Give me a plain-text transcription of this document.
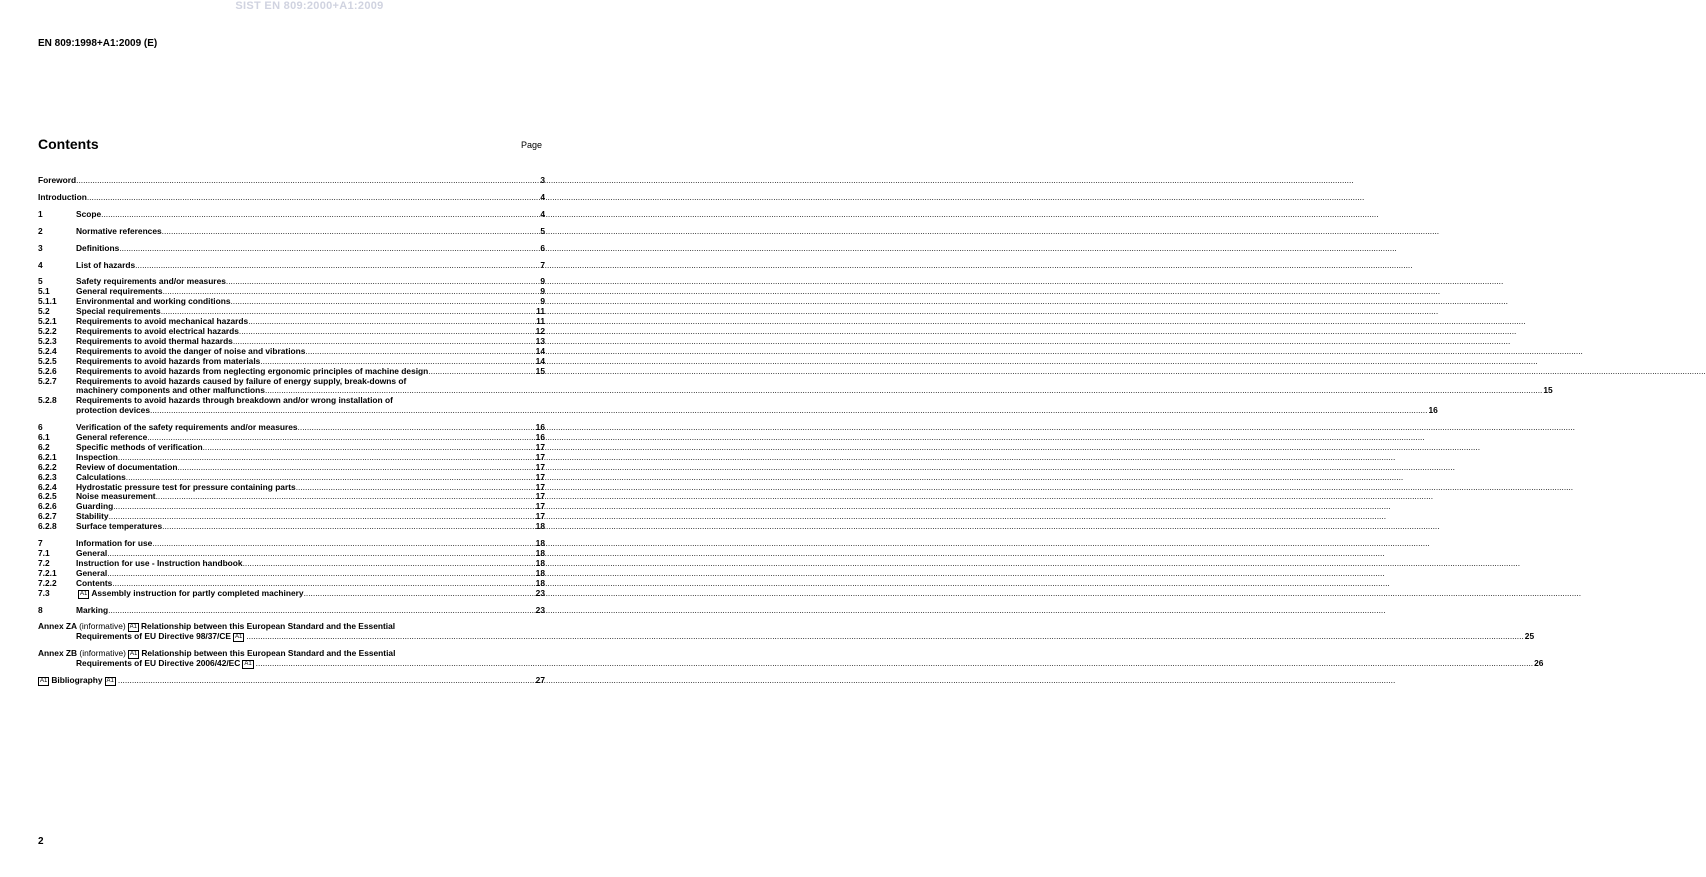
SIST EN 809:2000+A1:2009
EN 809:1998+A1:2009 (E)
Contents	Page
Foreword .....	3
Introduction .....	4
1	Scope .....	4
2	Normative references .....	5
3	Definitions .....	6
4	List of hazards .....	7
5	Safety requirements and/or measures .....	9
5.1	General requirements .....	9
5.1.1	Environmental and working conditions .....	9
5.2	Special requirements .....	11
5.2.1	Requirements to avoid mechanical hazards .....	11
5.2.2	Requirements to avoid electrical hazards .....	12
5.2.3	Requirements to avoid thermal hazards .....	13
5.2.4	Requirements to avoid the danger of noise and vibrations .....	14
5.2.5	Requirements to avoid hazards from materials .....	14
5.2.6	Requirements to avoid hazards from neglecting ergonomic principles of machine design .....	15
5.2.7	Requirements to avoid hazards caused by failure of energy supply, break-downs of
machinery components and other malfunctions .....	15
5.2.8	Requirements to avoid hazards through breakdown and/or wrong installation of
protection devices .....	16
6	Verification of the safety requirements and/or measures .....	16
6.1	General reference .....	16
6.2	Specific methods of verification .....	17
6.2.1	Inspection .....	17
6.2.2	Review of documentation .....	17
6.2.3	Calculations .....	17
6.2.4	Hydrostatic pressure test for pressure containing parts .....	17
6.2.5	Noise measurement .....	17
6.2.6	Guarding .....	17
6.2.7	Stability .....	17
6.2.8	Surface temperatures .....	18
7	Information for use .....	18
7.1	General .....	18
7.2	Instruction for use - Instruction handbook .....	18
7.2.1	General .....	18
7.2.2	Contents .....	18
7.3	A1 Assembly instruction for partly completed machinery .....	23
8	Marking .....	23
Annex ZA (informative) A1 Relationship between this European Standard and the Essential
Requirements of EU Directive 98/37/CE A1 .....	25
Annex ZB (informative) A1 Relationship between this European Standard and the Essential
Requirements of EU Directive 2006/42/EC A1 .....	26
A1 Bibliography A1 .....	27
2
